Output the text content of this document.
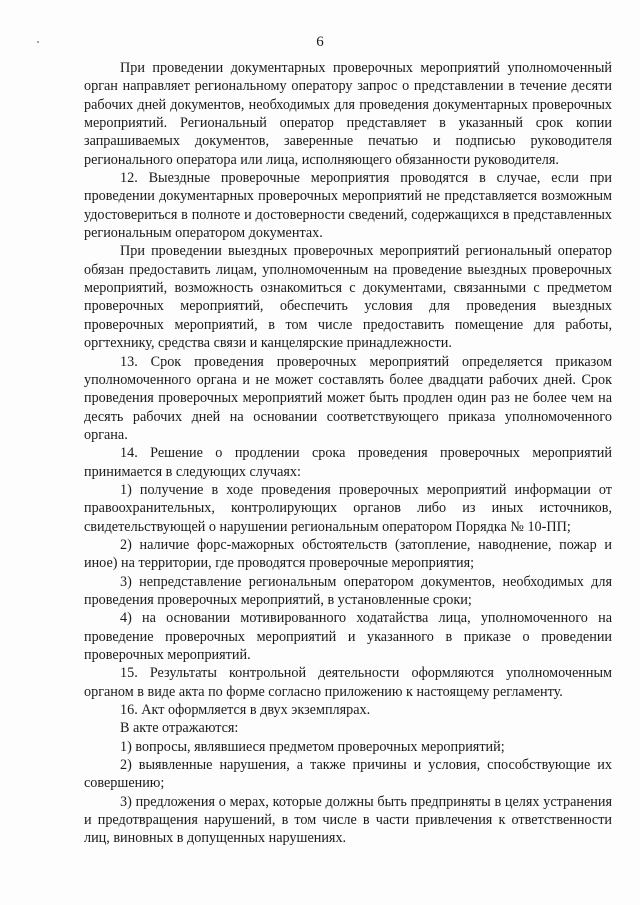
6

При проведении документарных проверочных мероприятий уполномоченный орган направляет региональному оператору запрос о представлении в течение десяти рабочих дней документов, необходимых для проведения документарных проверочных мероприятий. Региональный оператор представляет в указанный срок копии запрашиваемых документов, заверенные печатью и подписью руководителя регионального оператора или лица, исполняющего обязанности руководителя.

12. Выездные проверочные мероприятия проводятся в случае, если при проведении документарных проверочных мероприятий не представляется возможным удостовериться в полноте и достоверности сведений, содержащихся в представленных региональным оператором документах.

При проведении выездных проверочных мероприятий региональный оператор обязан предоставить лицам, уполномоченным на проведение выездных проверочных мероприятий, возможность ознакомиться с документами, связанными с предметом проверочных мероприятий, обеспечить условия для проведения выездных проверочных мероприятий, в том числе предоставить помещение для работы, оргтехнику, средства связи и канцелярские принадлежности.

13. Срок проведения проверочных мероприятий определяется приказом уполномоченного органа и не может составлять более двадцати рабочих дней. Срок проведения проверочных мероприятий может быть продлен один раз не более чем на десять рабочих дней на основании соответствующего приказа уполномоченного органа.

14. Решение о продлении срока проведения проверочных мероприятий принимается в следующих случаях:

1) получение в ходе проведения проверочных мероприятий информации от правоохранительных, контролирующих органов либо из иных источников, свидетельствующей о нарушении региональным оператором Порядка № 10-ПП;

2) наличие форс-мажорных обстоятельств (затопление, наводнение, пожар и иное) на территории, где проводятся проверочные мероприятия;

3) непредставление региональным оператором документов, необходимых для проведения проверочных мероприятий, в установленные сроки;

4) на основании мотивированного ходатайства лица, уполномоченного на проведение проверочных мероприятий и указанного в приказе о проведении проверочных мероприятий.

15. Результаты контрольной деятельности оформляются уполномоченным органом в виде акта по форме согласно приложению к настоящему регламенту.

16. Акт оформляется в двух экземплярах.

В акте отражаются:

1) вопросы, являвшиеся предметом проверочных мероприятий;

2) выявленные нарушения, а также причины и условия, способствующие их совершению;

3) предложения о мерах, которые должны быть предприняты в целях устранения и предотвращения нарушений, в том числе в части привлечения к ответственности лиц, виновных в допущенных нарушениях.
